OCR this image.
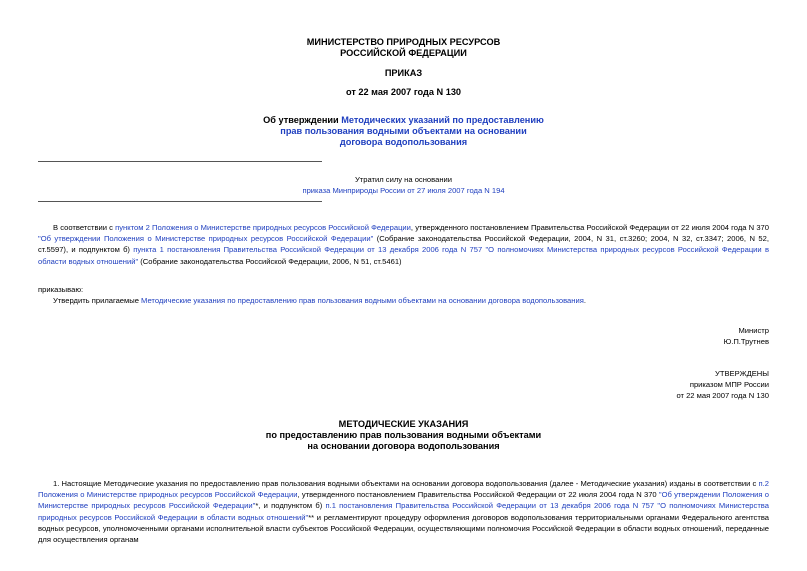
МИНИСТЕРСТВО ПРИРОДНЫХ РЕСУРСОВ
РОССИЙСКОЙ ФЕДЕРАЦИИ
ПРИКАЗ
от 22 мая 2007 года N 130
Об утверждении Методических указаний по предоставлению
прав пользования водными объектами на основании
договора водопользования
Утратил силу на основании
приказа Минприроды России от 27 июля 2007 года N 194
В соответствии с пунктом 2 Положения о Министерстве природных ресурсов Российской Федерации, утвержденного постановлением Правительства Российской Федерации от 22 июля 2004 года N 370 "Об утверждении Положения о Министерстве природных ресурсов Российской Федерации" (Собрание законодательства Российской Федерации, 2004, N 31, ст.3260; 2004, N 32, ст.3347; 2006, N 52, ст.5597), и подпунктом б) пункта 1 постановления Правительства Российской Федерации от 13 декабря 2006 года N 757 "О полномочиях Министерства природных ресурсов Российской Федерации в области водных отношений" (Собрание законодательства Российской Федерации, 2006, N 51, ст.5461)
приказываю:
Утвердить прилагаемые Методические указания по предоставлению прав пользования водными объектами на основании договора водопользования.
Министр
Ю.П.Трутнев
УТВЕРЖДЕНЫ
приказом МПР России
от 22 мая 2007 года N 130
МЕТОДИЧЕСКИЕ УКАЗАНИЯ
по предоставлению прав пользования водными объектами
на основании договора водопользования
1. Настоящие Методические указания по предоставлению прав пользования водными объектами на основании договора водопользования (далее - Методические указания) изданы в соответствии с п.2 Положения о Министерстве природных ресурсов Российской Федерации, утвержденного постановлением Правительства Российской Федерации от 22 июля 2004 года N 370 "Об утверждении Положения о Министерстве природных ресурсов Российской Федерации"*, и подпунктом б) п.1 постановления Правительства Российской Федерации от 13 декабря 2006 года N 757 "О полномочиях Министерства природных ресурсов Российской Федерации в области водных отношений"** и регламентируют процедуру оформления договоров водопользования территориальными органами Федерального агентства водных ресурсов, уполномоченными органами исполнительной власти субъектов Российской Федерации, осуществляющими полномочия Российской Федерации в области водных отношений, переданные для осуществления органам
